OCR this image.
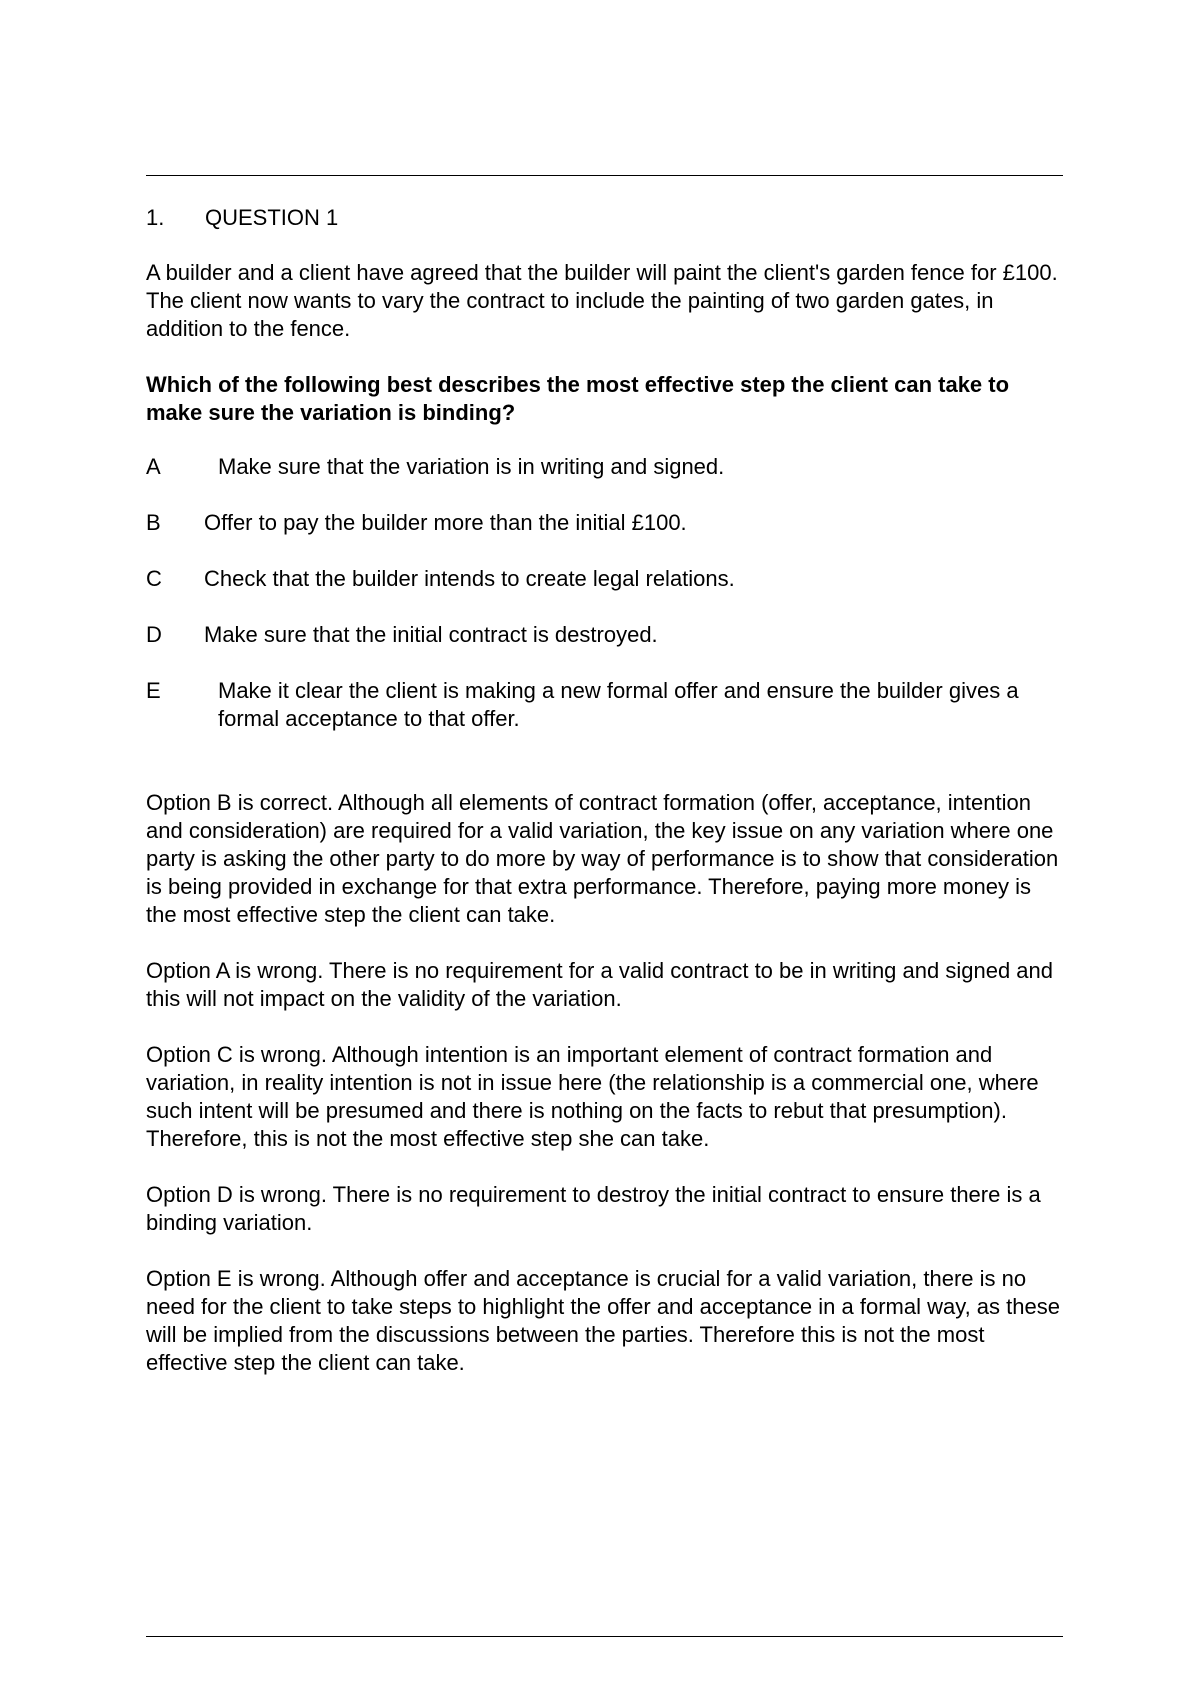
1.	QUESTION 1

A builder and a client have agreed that the builder will paint the client's garden fence for £100. The client now wants to vary the contract to include the painting of two garden gates, in addition to the fence.

Which of the following best describes the most effective step the client can take to make sure the variation is binding?

A	Make sure that the variation is in writing and signed.
B	Offer to pay the builder more than the initial £100.
C	Check that the builder intends to create legal relations.
D	Make sure that the initial contract is destroyed.
E	Make it clear the client is making a new formal offer and ensure the builder gives a formal acceptance to that offer.

Option B is correct. Although all elements of contract formation (offer, acceptance, intention and consideration) are required for a valid variation, the key issue on any variation where one party is asking the other party to do more by way of performance is to show that consideration is being provided in exchange for that extra performance. Therefore, paying more money is the most effective step the client can take.

Option A is wrong. There is no requirement for a valid contract to be in writing and signed and this will not impact on the validity of the variation.

Option C is wrong. Although intention is an important element of contract formation and variation, in reality intention is not in issue here (the relationship is a commercial one, where such intent will be presumed and there is nothing on the facts to rebut that presumption). Therefore, this is not the most effective step she can take.

Option D is wrong. There is no requirement to destroy the initial contract to ensure there is a binding variation.

Option E is wrong. Although offer and acceptance is crucial for a valid variation, there is no need for the client to take steps to highlight the offer and acceptance in a formal way, as these will be implied from the discussions between the parties. Therefore this is not the most effective step the client can take.
